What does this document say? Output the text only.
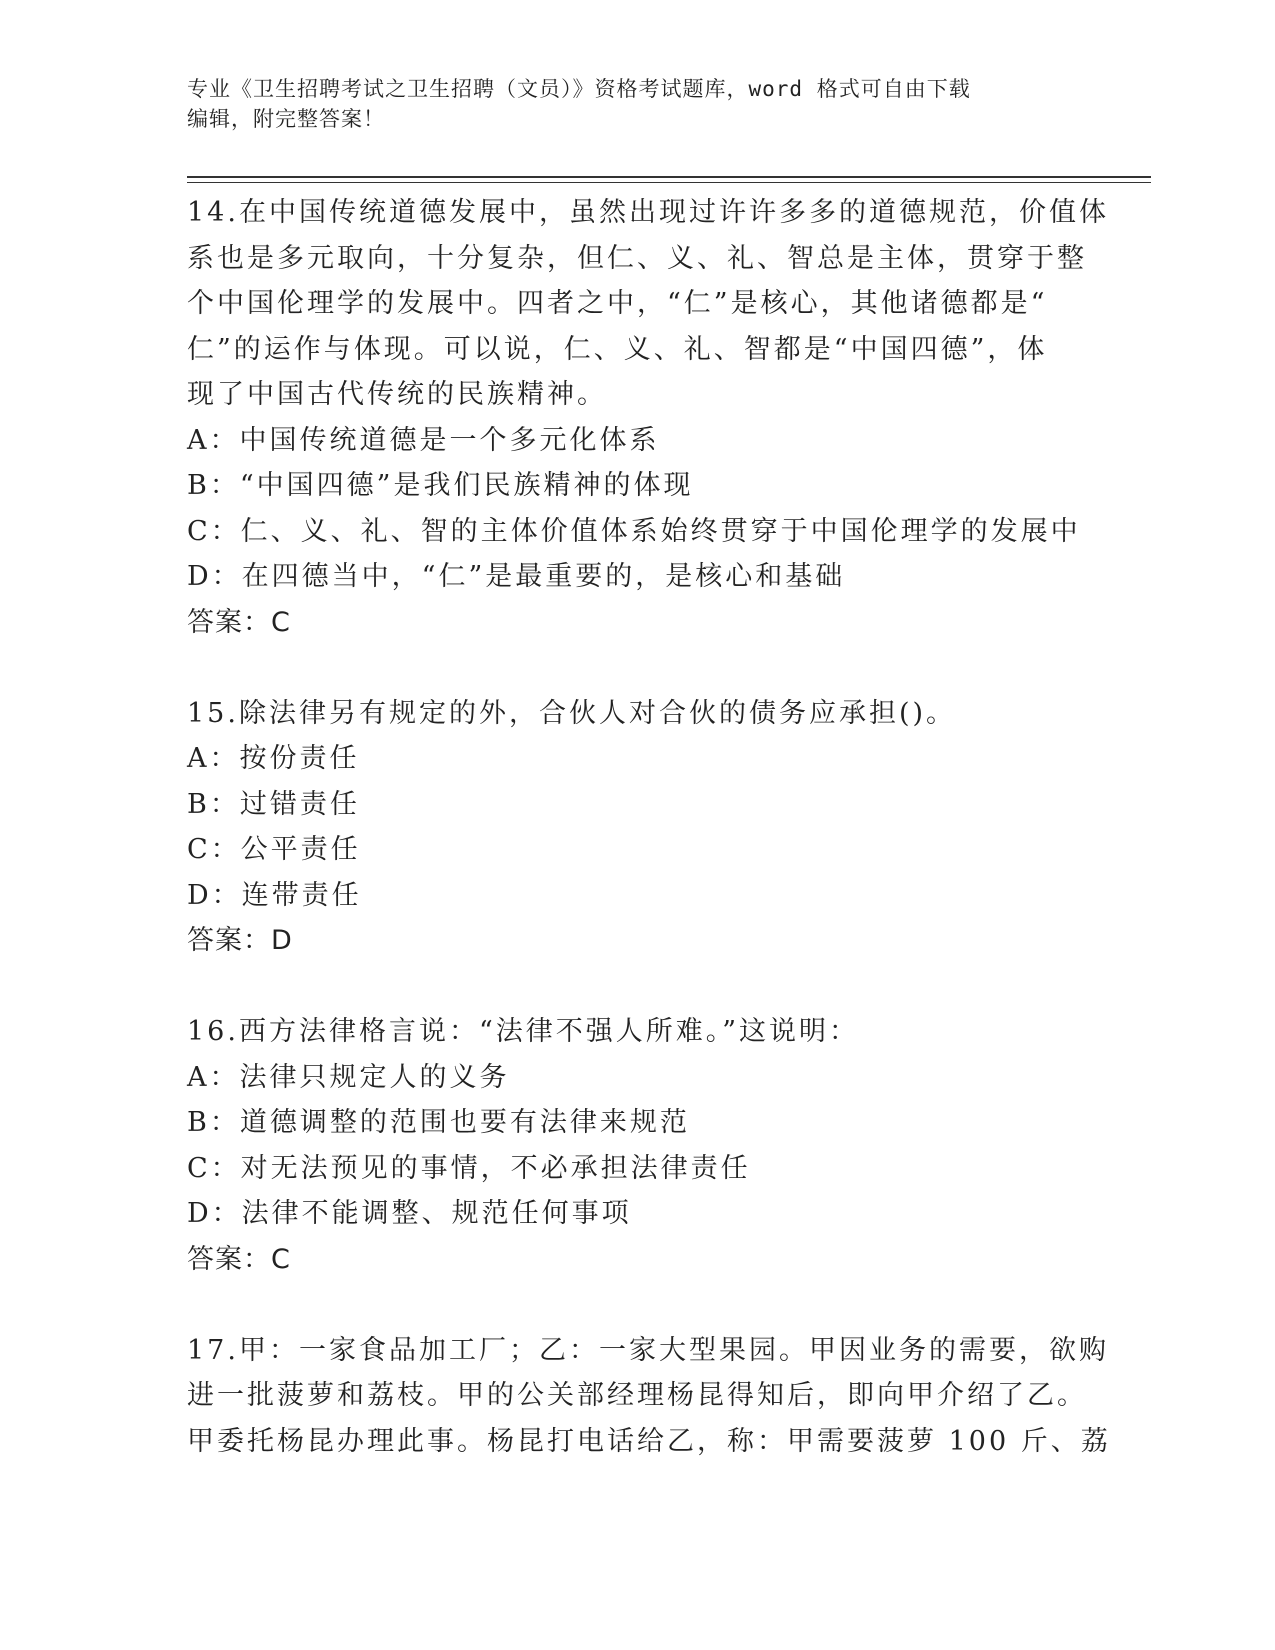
专业《卫生招聘考试之卫生招聘（文员）》资格考试题库，word 格式可自由下载
编辑，附完整答案！
14.在中国传统道德发展中，虽然出现过许许多多的道德规范，价值体
系也是多元取向，十分复杂，但仁、义、礼、智总是主体，贯穿于整
个中国伦理学的发展中。四者之中，“仁”是核心，其他诸德都是“
仁”的运作与体现。可以说，仁、义、礼、智都是“中国四德”，体
现了中国古代传统的民族精神。
A：中国传统道德是一个多元化体系
B：“中国四德”是我们民族精神的体现
C：仁、义、礼、智的主体价值体系始终贯穿于中国伦理学的发展中
D：在四德当中，“仁”是最重要的，是核心和基础
答案：C
15.除法律另有规定的外，合伙人对合伙的债务应承担()。
A：按份责任
B：过错责任
C：公平责任
D：连带责任
答案：D
16.西方法律格言说：“法律不强人所难。”这说明：
A：法律只规定人的义务
B：道德调整的范围也要有法律来规范
C：对无法预见的事情，不必承担法律责任
D：法律不能调整、规范任何事项
答案：C
17.甲：一家食品加工厂；乙：一家大型果园。甲因业务的需要，欲购
进一批菠萝和荔枝。甲的公关部经理杨昆得知后，即向甲介绍了乙。
甲委托杨昆办理此事。杨昆打电话给乙，称：甲需要菠萝 100 斤、荔
